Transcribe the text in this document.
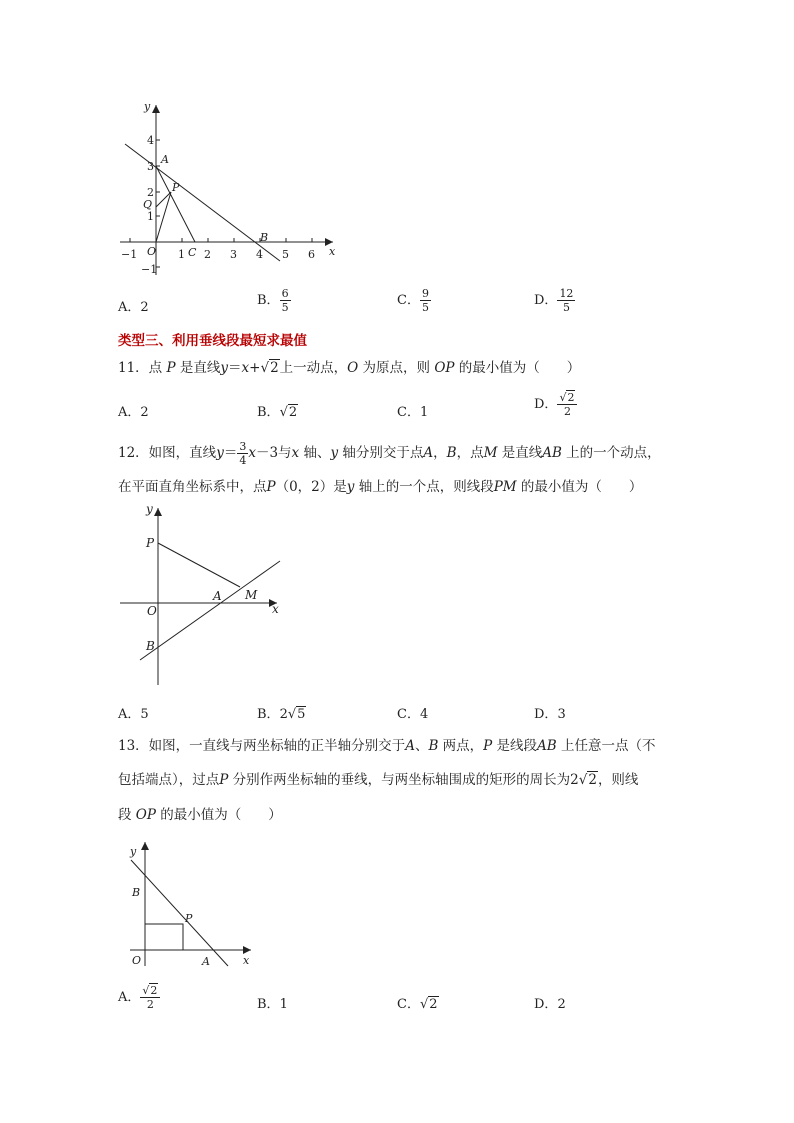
x
y
O
A
B
C
P
Q
−1	1 2 3 4 5 6
4
3
2
1
−1
A．2	B． $\frac{6}{5}$	C． $\frac{9}{5}$	D． $\frac{12}{5}$
类型三、利用垂线段最短求最值
11．点 P 是直线y＝x+√2上一动点，O 为原点，则 OP 的最小值为（　　）
A．2	B．√2	C．1
D． $\frac{√2}{2}$
12．如图，直线$y= \frac{3}{4} x-3$与x 轴、y 轴分别交于点A，B，点M 是直线AB 上的一个动点，
在平面直角坐标系中，点P（0，2）是y 轴上的一个点，则线段PM 的最小值为（　　）
x
y
O
A
B
M
P
A．5	B．2√5	C．4	D．3
13．如图，一直线与两坐标轴的正半轴分别交于A、B 两点，P 是线段AB 上任意一点（不
包括端点），过点P 分别作两坐标轴的垂线，与两坐标轴围成的矩形的周长为2√2，则线
段 OP 的最小值为（　　）
x
y
O	A
B
P
A． $\frac{√2}{2}$	B．1	C．√2	D．2
